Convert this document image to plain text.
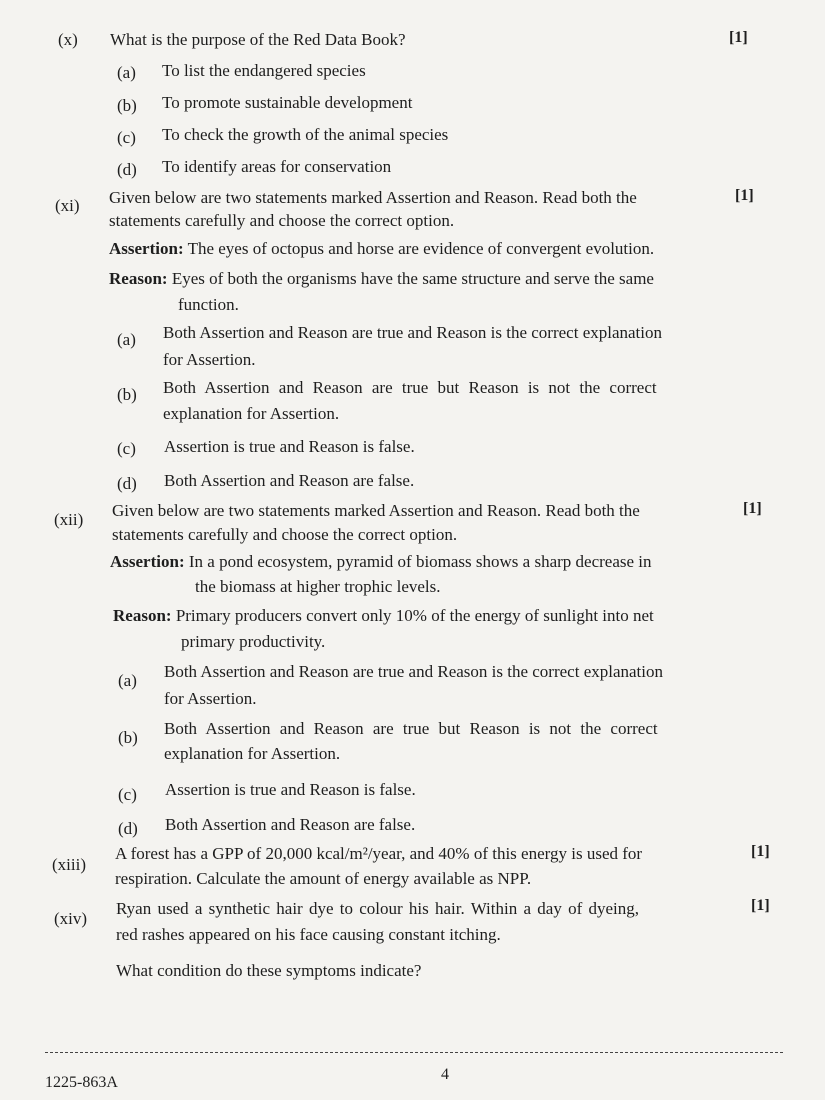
(x) What is the purpose of the Red Data Book?	[1]
(a) To list the endangered species
(b) To promote sustainable development
(c) To check the growth of the animal species
(d) To identify areas for conservation
(xi) Given below are two statements marked Assertion and Reason. Read both the
statements carefully and choose the correct option.
[1]
Assertion: The eyes of octopus and horse are evidence of convergent evolution.
Reason: Eyes of both the organisms have the same structure and serve the same
function.
(a) Both Assertion and Reason are true and Reason is the correct explanation
for Assertion.
(b) Both Assertion and Reason are true but Reason is not the correct
explanation for Assertion.
(c) Assertion is true and Reason is false.
(d) Both Assertion and Reason are false.
(xii) Given below are two statements marked Assertion and Reason. Read both the
statements carefully and choose the correct option.
[1]
Assertion: In a pond ecosystem, pyramid of biomass shows a sharp decrease in
the biomass at higher trophic levels.
Reason: Primary producers convert only 10% of the energy of sunlight into net
primary productivity.
(a) Both Assertion and Reason are true and Reason is the correct explanation
for Assertion.
(b) Both Assertion and Reason are true but Reason is not the correct
explanation for Assertion.
(c) Assertion is true and Reason is false.
(d) Both Assertion and Reason are false.
(xiii)
A forest has a GPP of 20,000 kcal/m²/year, and 40% of this energy is used for
respiration. Calculate the amount of energy available as NPP.
[1]
(xiv)
Ryan used a synthetic hair dye to colour his hair. Within a day of dyeing,
red rashes appeared on his face causing constant itching.
[1]
What condition do these symptoms indicate?
1225-863A	4
